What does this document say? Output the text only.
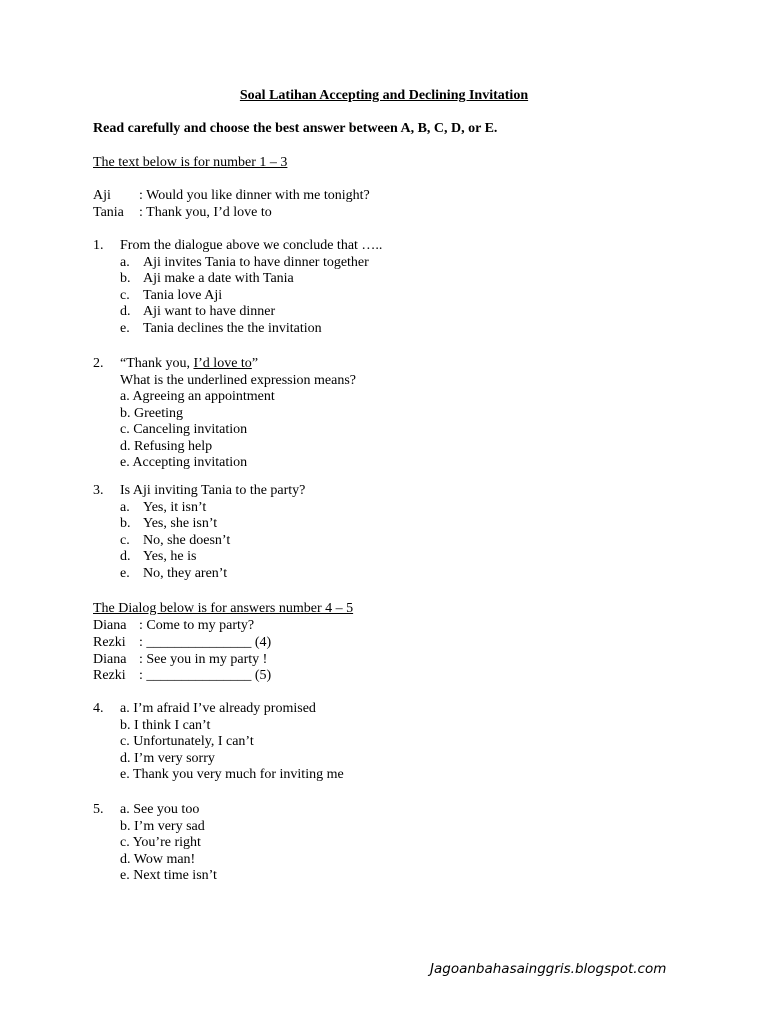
Soal Latihan Accepting and Declining Invitation
Read carefully and choose the best answer between A, B, C, D, or E.
The text below is for number 1 – 3
Aji : Would you like dinner with me tonight?
Tania : Thank you, I’d love to
1. From the dialogue above we conclude that …..
a. Aji invites Tania to have dinner together
b. Aji make a date with Tania
c. Tania love Aji
d. Aji want to have dinner
e. Tania declines the the invitation
2. “Thank you, I’d love to”
What is the underlined expression means?
a. Agreeing an appointment
b. Greeting
c. Canceling invitation
d. Refusing help
e. Accepting invitation
3. Is Aji inviting Tania to the party?
a. Yes, it isn’t
b. Yes, she isn’t
c. No, she doesn’t
d. Yes, he is
e. No, they aren’t
The Dialog below is for answers number 4 – 5
Diana : Come to my party?
Rezki : _______________ (4)
Diana : See you in my party !
Rezki : _______________ (5)
4. a. I’m afraid I’ve already promised
b. I think I can’t
c. Unfortunately, I can’t
d. I’m very sorry
e. Thank you very much for inviting me
5. a. See you too
b. I’m very sad
c. You’re right
d. Wow man!
e. Next time isn’t
Jagoanbahasainggris.blogspot.com
